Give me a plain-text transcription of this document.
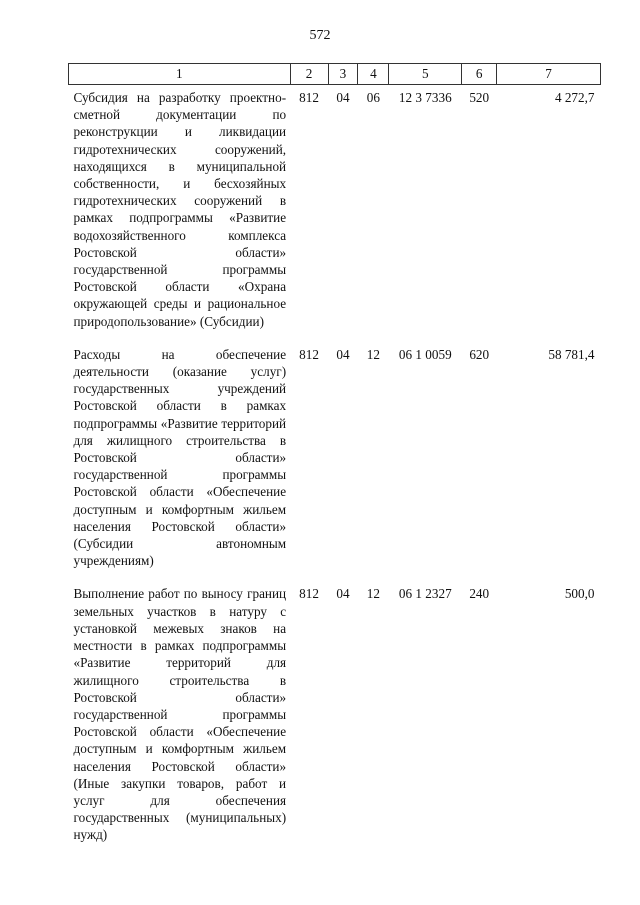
572
1	2	3	4	5	6	7
Субсидия на разработку проектно-сметной документации по реконструкции и ликвидации гидротехнических сооружений, находящихся в муниципальной собственности, и бесхозяйных гидротехнических сооружений в рамках подпрограммы «Развитие водохозяйственного комплекса Ростовской области» государственной программы Ростовской области «Охрана окружающей среды и рациональное природопользование» (Субсидии)	812	04	06	12 3 7336	520	4 272,7
Расходы на обеспечение деятельности (оказание услуг) государственных учреждений Ростовской области в рамках подпрограммы «Развитие территорий для жилищного строительства в Ростовской области» государственной программы Ростовской области «Обеспечение доступным и комфортным жильем населения Ростовской области» (Субсидии автономным учреждениям)	812	04	12	06 1 0059	620	58 781,4
Выполнение работ по выносу границ земельных участков в натуру с установкой межевых знаков на местности в рамках подпрограммы «Развитие территорий для жилищного строительства в Ростовской области» государственной программы Ростовской области «Обеспечение доступным и комфортным жильем населения Ростовской области» (Иные закупки товаров, работ и услуг для обеспечения государственных (муниципальных) нужд)	812	04	12	06 1 2327	240	500,0
